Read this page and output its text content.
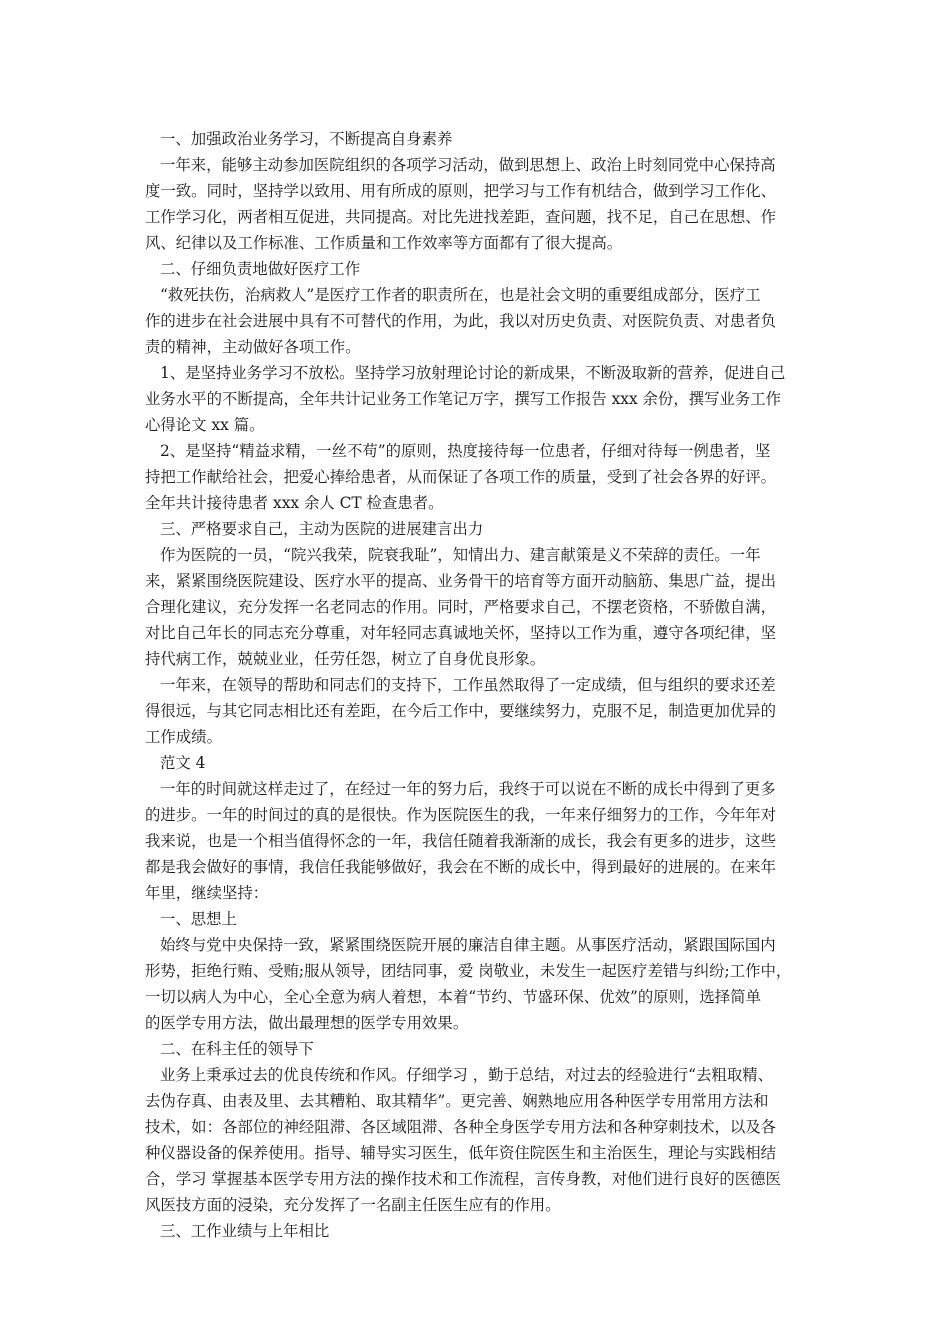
一、加强政治业务学习，不断提高自身素养
一年来，能够主动参加医院组织的各项学习活动，做到思想上、政治上时刻同党中心保持高
度一致。同时，坚持学以致用、用有所成的原则，把学习与工作有机结合，做到学习工作化、
工作学习化，两者相互促进，共同提高。对比先进找差距，查问题，找不足，自己在思想、作
风、纪律以及工作标准、工作质量和工作效率等方面都有了很大提高。
二、仔细负责地做好医疗工作
“救死扶伤，治病救人”是医疗工作者的职责所在，也是社会文明的重要组成部分，医疗工
作的进步在社会进展中具有不可替代的作用，为此，我以对历史负责、对医院负责、对患者负
责的精神，主动做好各项工作。
1、是坚持业务学习不放松。坚持学习放射理论讨论的新成果，不断汲取新的营养，促进自己
业务水平的不断提高，全年共计记业务工作笔记万字，撰写工作报告 xxx 余份，撰写业务工作
心得论文 xx 篇。
2、是坚持“精益求精，一丝不苟”的原则，热度接待每一位患者，仔细对待每一例患者，坚
持把工作献给社会，把爱心捧给患者，从而保证了各项工作的质量，受到了社会各界的好评。
全年共计接待患者 xxx 余人 CT 检查患者。
三、严格要求自己，主动为医院的进展建言出力
作为医院的一员，“院兴我荣，院衰我耻”，知情出力、建言献策是义不荣辞的责任。一年
来，紧紧围绕医院建设、医疗水平的提高、业务骨干的培育等方面开动脑筋、集思广益，提出
合理化建议，充分发挥一名老同志的作用。同时，严格要求自己，不摆老资格，不骄傲自满，
对比自己年长的同志充分尊重，对年轻同志真诚地关怀，坚持以工作为重，遵守各项纪律，坚
持代病工作，兢兢业业，任劳任怨，树立了自身优良形象。
一年来，在领导的帮助和同志们的支持下，工作虽然取得了一定成绩，但与组织的要求还差
得很远，与其它同志相比还有差距，在今后工作中，要继续努力，克服不足，制造更加优异的
工作成绩。
范文 4
一年的时间就这样走过了，在经过一年的努力后，我终于可以说在不断的成长中得到了更多
的进步。一年的时间过的真的是很快。作为医院医生的我，一年来仔细努力的工作，今年年对
我来说，也是一个相当值得怀念的一年，我信任随着我渐渐的成长，我会有更多的进步，这些
都是我会做好的事情，我信任我能够做好，我会在不断的成长中，得到最好的进展的。在来年
年里，继续坚持：
一、思想上
始终与党中央保持一致，紧紧围绕医院开展的廉洁自律主题。从事医疗活动，紧跟国际国内
形势，拒绝行贿、受贿;服从领导，团结同事，爱 岗敬业，未发生一起医疗差错与纠纷;工作中，
一切以病人为中心，全心全意为病人着想，本着“节约、节盛环保、优效”的原则，选择简单
的医学专用方法，做出最理想的医学专用效果。
二、在科主任的领导下
业务上秉承过去的优良传统和作风。仔细学习 ，勤于总结，对过去的经验进行“去粗取精、
去伪存真、由表及里、去其糟粕、取其精华”。更完善、娴熟地应用各种医学专用常用方法和
技术，如：各部位的神经阻滞、各区域阻滞、各种全身医学专用方法和各种穿刺技术，以及各
种仪器设备的保养使用。指导、辅导实习医生，低年资住院医生和主治医生，理论与实践相结
合，学习 掌握基本医学专用方法的操作技术和工作流程，言传身教，对他们进行良好的医德医
风医技方面的浸染，充分发挥了一名副主任医生应有的作用。
三、工作业绩与上年相比
